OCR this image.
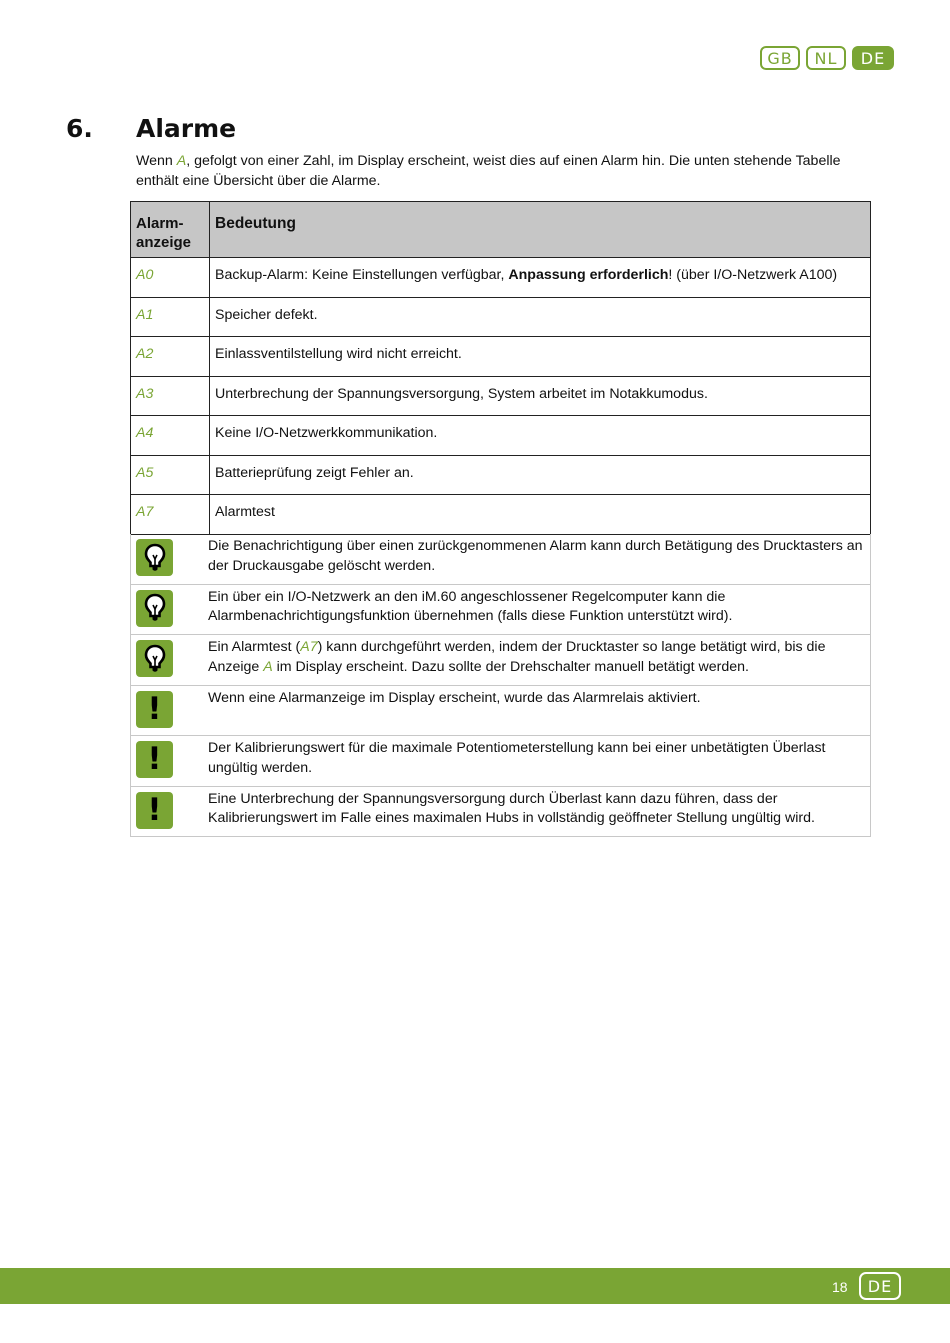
GB	NL	DE
6. Alarme
Wenn A, gefolgt von einer Zahl, im Display erscheint, weist dies auf einen Alarm hin. Die unten stehende Tabelle enthält eine Übersicht über die Alarme.
Alarm-
anzeige	Bedeutung
A0	Backup-Alarm: Keine Einstellungen verfügbar, Anpassung erforderlich! (über I/O-Netzwerk A100)
A1	Speicher defekt.
A2	Einlassventilstellung wird nicht erreicht.
A3	Unterbrechung der Spannungsversorgung, System arbeitet im Notakkumodus.
A4	Keine I/O-Netzwerkkommunikation.
A5	Batterieprüfung zeigt Fehler an.
A7	Alarmtest
Die Benachrichtigung über einen zurückgenommenen Alarm kann durch Betätigung des Drucktasters an der Druckausgabe gelöscht werden.
Ein über ein I/O-Netzwerk an den iM.60 angeschlossener Regelcomputer kann die Alarmbenachrichtigungsfunktion übernehmen (falls diese Funktion unterstützt wird).
Ein Alarmtest (A7) kann durchgeführt werden, indem der Drucktaster so lange betätigt wird, bis die Anzeige A im Display erscheint. Dazu sollte der Drehschalter manuell betätigt werden.
!	Wenn eine Alarmanzeige im Display erscheint, wurde das Alarmrelais aktiviert.
!	Der Kalibrierungswert für die maximale Potentiometerstellung kann bei einer unbetätigten Überlast ungültig werden.
!	Eine Unterbrechung der Spannungsversorgung durch Überlast kann dazu führen, dass der Kalibrierungswert im Falle eines maximalen Hubs in vollständig geöffneter Stellung ungültig wird.
18	DE
